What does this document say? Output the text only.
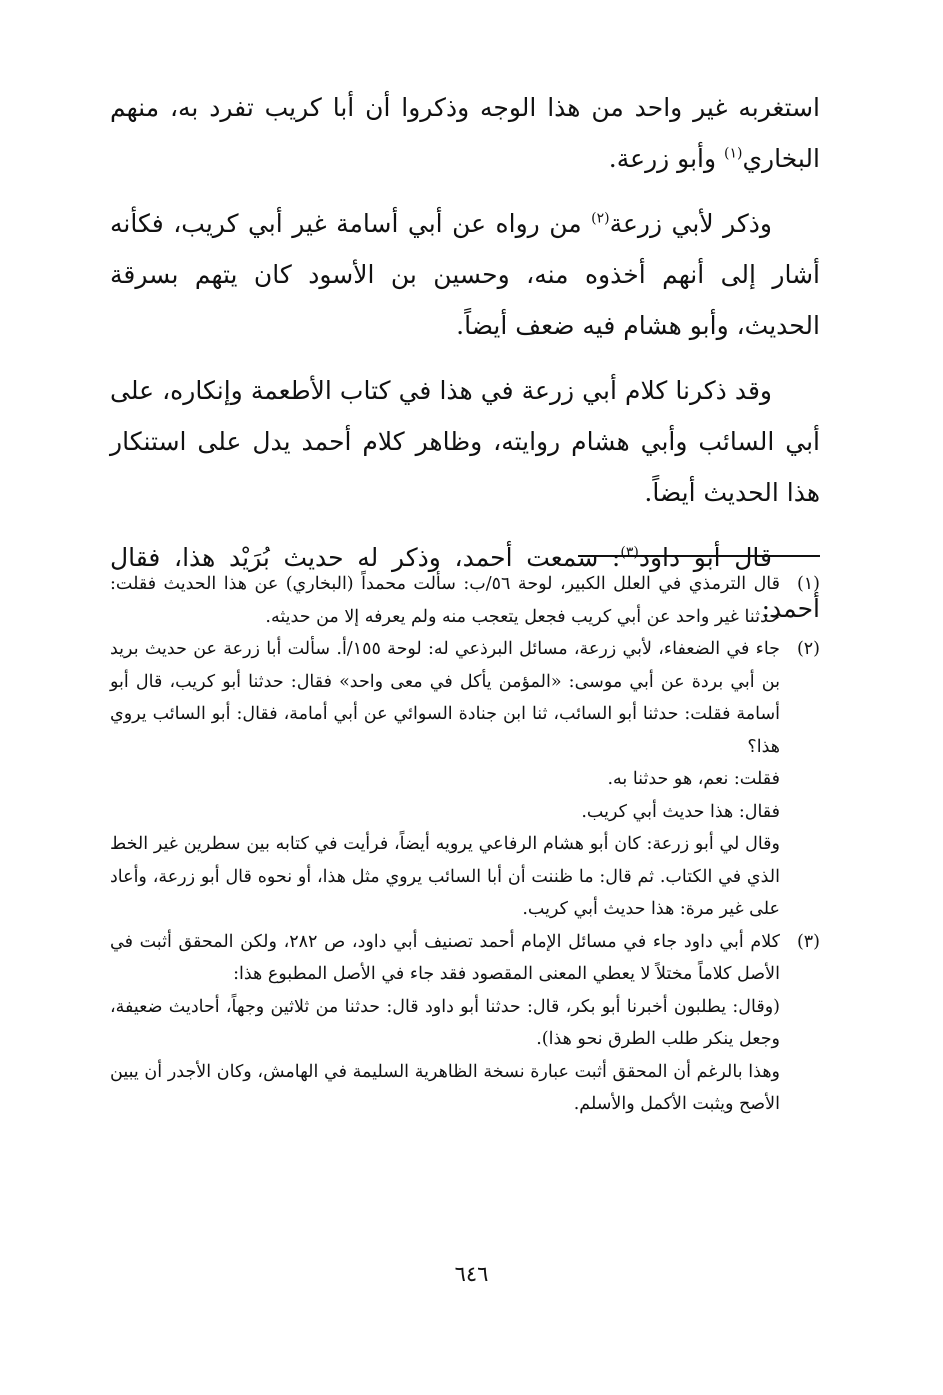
استغربه غير واحد من هذا الوجه وذكروا أن أبا كريب تفرد به، منهم البخاري$^{(١)}$ وأبو زرعة.

وذكر لأبي زرعة$^{(٢)}$ من رواه عن أبي أسامة غير أبي كريب، فكأنه أشار إلى أنهم أخذوه منه، وحسين بن الأسود كان يتهم بسرقة الحديث، وأبو هشام فيه ضعف أيضاً.

وقد ذكرنا كلام أبي زرعة في هذا في كتاب الأطعمة وإنكاره، على أبي السائب وأبي هشام روايته، وظاهر كلام أحمد يدل على استنكار هذا الحديث أيضاً.

قال أبو داود$^{(٣)}$: سمعت أحمد، وذكر له حديث بُرَيْد هذا، فقال أحمد:

(١)

قال الترمذي في العلل الكبير، لوحة ٥٦/ب: سألت محمداً (البخاري) عن هذا الحديث فقلت: حدثنا غير واحد عن أبي كريب فجعل يتعجب منه ولم يعرفه إلا من حديثه.

(٢)

جاء في الضعفاء، لأبي زرعة، مسائل البرذعي له: لوحة ١٥٥/أ. سألت أبا زرعة عن حديث بريد بن أبي بردة عن أبي موسى: «المؤمن يأكل في معى واحد» فقال: حدثنا أبو كريب، قال أبو أسامة فقلت: حدثنا أبو السائب، ثنا ابن جنادة السوائي عن أبي أمامة، فقال: أبو السائب يروي هذا؟

فقلت: نعم، هو حدثنا به.

فقال: هذا حديث أبي كريب.

وقال لي أبو زرعة: كان أبو هشام الرفاعي يرويه أيضاً، فرأيت في كتابه بين سطرين غير الخط الذي في الكتاب. ثم قال: ما ظننت أن أبا السائب يروي مثل هذا، أو نحوه قال أبو زرعة، وأعاد على غير مرة: هذا حديث أبي كريب.

(٣)

كلام أبي داود جاء في مسائل الإمام أحمد تصنيف أبي داود، ص ٢٨٢، ولكن المحقق أثبت في الأصل كلاماً مختلاً لا يعطي المعنى المقصود فقد جاء في الأصل المطبوع هذا:

(وقال: يطلبون أخبرنا أبو بكر، قال: حدثنا أبو داود قال: حدثنا من ثلاثين وجهاً، أحاديث ضعيفة، وجعل ينكر طلب الطرق نحو هذا).

وهذا بالرغم أن المحقق أثبت عبارة نسخة الظاهرية السليمة في الهامش، وكان الأجدر أن يبين الأصح ويثبت الأكمل والأسلم.

٦٤٦
